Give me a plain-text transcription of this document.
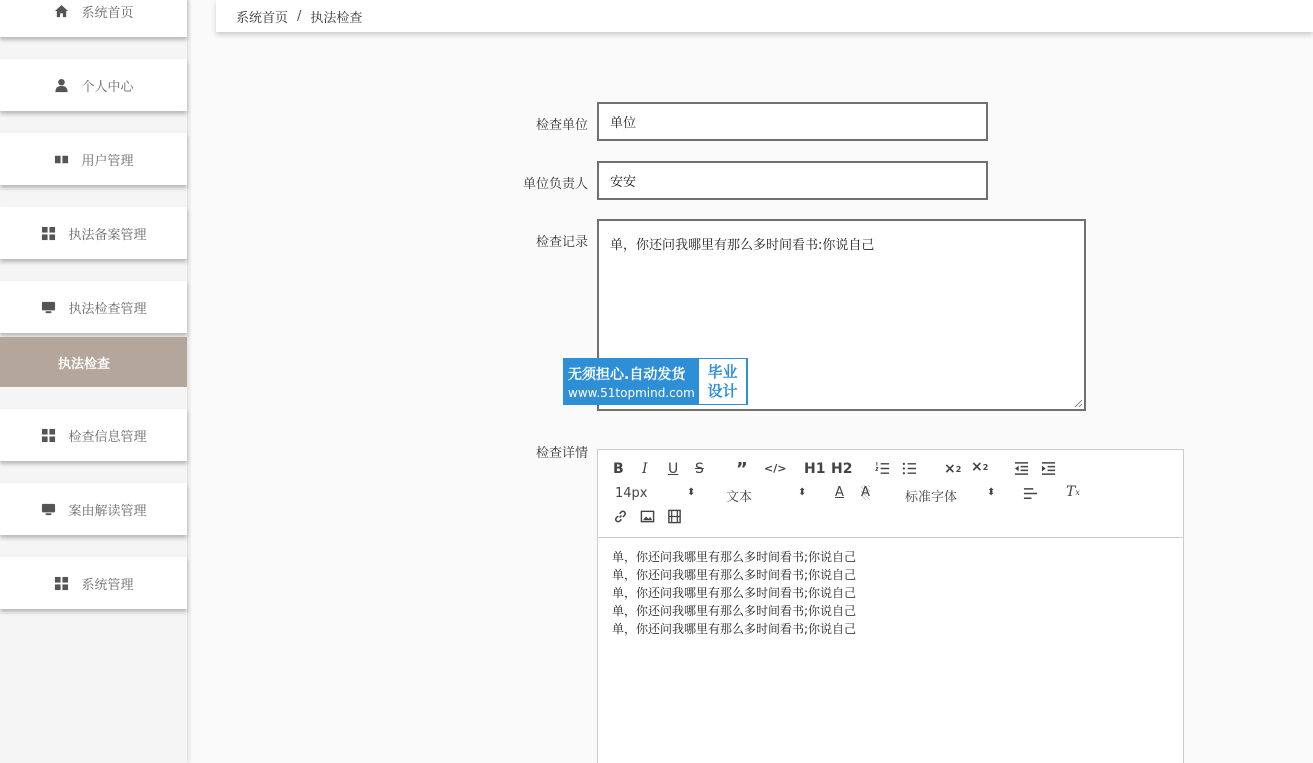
系统首页
个人中心
用户管理
执法备案管理
执法检查管理
执法检查
检查信息管理
案由解读管理
系统管理
系统首页 / 执法检查
检查单位	单位
单位负责人	安安
检查记录	单，你还问我哪里有那么多时间看书:你说自己
无须担心.自动发货
www.51topmind.com
毕业
设计
检查详情
B I U S ” </> H1 H2	× 2 × 2
14px	⬍ 文本	⬍ A A	标准字体	⬍	T x
单，你还问我哪里有那么多时间看书;你说自己
单，你还问我哪里有那么多时间看书;你说自己
单，你还问我哪里有那么多时间看书;你说自己
单，你还问我哪里有那么多时间看书;你说自己
单，你还问我哪里有那么多时间看书;你说自己
